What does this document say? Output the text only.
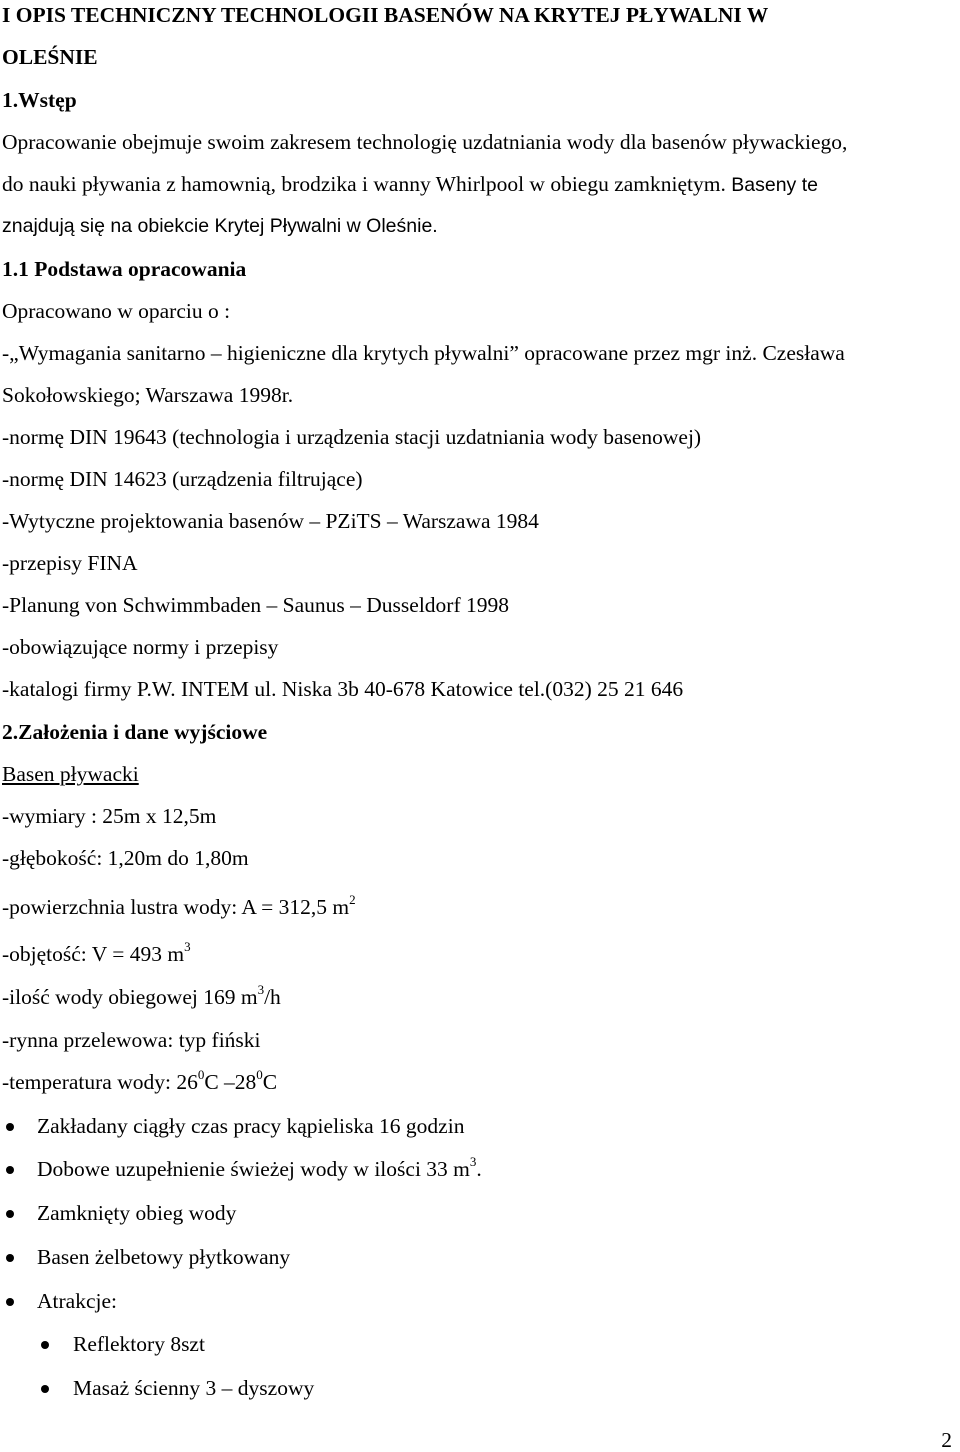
I OPIS TECHNICZNY TECHNOLOGII BASENÓW NA KRYTEJ PŁYWALNI W
OLEŚNIE
1.Wstęp
Opracowanie obejmuje swoim zakresem technologię uzdatniania wody dla basenów pływackiego,
do nauki pływania z hamownią, brodzika i wanny Whirlpool w obiegu zamkniętym. Baseny te
znajdują się na obiekcie Krytej Pływalni w Oleśnie.
1.1 Podstawa opracowania
Opracowano w oparciu o :
-„Wymagania sanitarno – higieniczne dla krytych pływalni” opracowane przez mgr inż. Czesława
Sokołowskiego; Warszawa 1998r.
-normę DIN 19643 (technologia i urządzenia stacji uzdatniania wody basenowej)
-normę DIN 14623 (urządzenia filtrujące)
-Wytyczne projektowania basenów – PZiTS – Warszawa 1984
-przepisy FINA
-Planung von Schwimmbaden – Saunus – Dusseldorf 1998
-obowiązujące normy i przepisy
-katalogi firmy P.W. INTEM ul. Niska 3b 40-678 Katowice tel.(032) 25 21 646
2.Założenia i dane wyjściowe
Basen pływacki
-wymiary : 25m x 12,5m
-głębokość: 1,20m do 1,80m
-powierzchnia lustra wody: A = 312,5 $m^2$
-objętość: V = 493 $m^3$
-ilość wody obiegowej 169 $m^3/h$
-rynna przelewowa: typ fiński
-temperatura wody: $26^0C$ $-28^0C$
Zakładany ciągły czas pracy kąpieliska 16 godzin
Dobowe uzupełnienie świeżej wody w ilości 33 $m^3$.
Zamknięty obieg wody
Basen żelbetowy płytkowany
Atrakcje:
Reflektory 8szt
Masaż ścienny 3 – dyszowy
2
